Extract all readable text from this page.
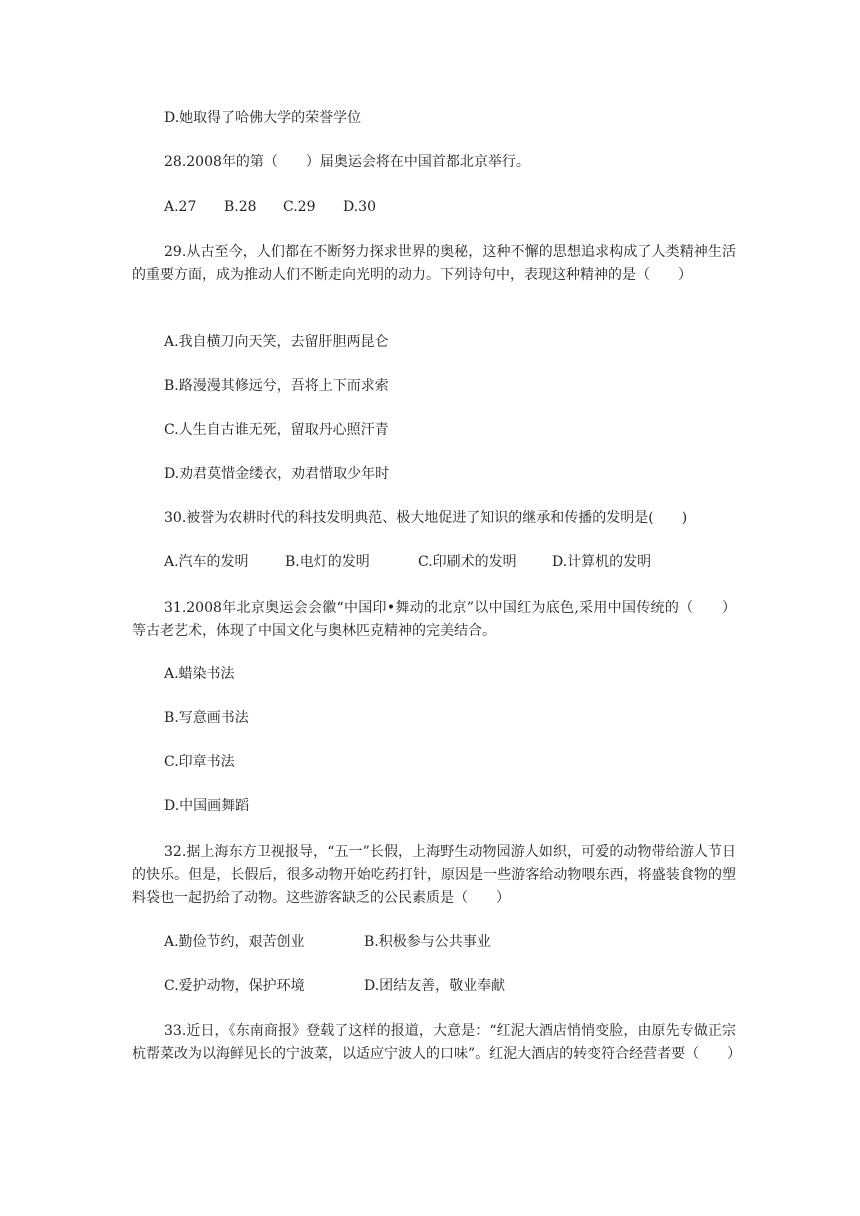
D.她取得了哈佛大学的荣誉学位
28.2008年的第（　　）届奥运会将在中国首都北京举行。
A.27 B.28 C.29 D.30
29.从古至今，人们都在不断努力探求世界的奥秘，这种不懈的思想追求构成了人类精神生活的重要方面，成为推动人们不断走向光明的动力。下列诗句中，表现这种精神的是（　　）
A.我自横刀向天笑，去留肝胆两昆仑
B.路漫漫其修远兮，吾将上下而求索
C.人生自古谁无死，留取丹心照汗青
D.劝君莫惜金缕衣，劝君惜取少年时
30.被誉为农耕时代的科技发明典范、极大地促进了知识的继承和传播的发明是(　　)
A.汽车的发明	B.电灯的发明	C.印刷术的发明	D.计算机的发明
31.2008年北京奥运会会徽“中国印•舞动的北京”以中国红为底色,采用中国传统的（　　）等古老艺术，体现了中国文化与奥林匹克精神的完美结合。
A.蜡染书法
B.写意画书法
C.印章书法
D.中国画舞蹈
32.据上海东方卫视报导，“五一”长假，上海野生动物园游人如织，可爱的动物带给游人节日的快乐。但是，长假后，很多动物开始吃药打针，原因是一些游客给动物喂东西，将盛装食物的塑料袋也一起扔给了动物。这些游客缺乏的公民素质是（　　）
A.勤俭节约，艰苦创业	B.积极参与公共事业
C.爱护动物，保护环境	D.团结友善，敬业奉献
33.近日，《东南商报》登载了这样的报道，大意是：“红泥大酒店悄悄变脸，由原先专做正宗杭帮菜改为以海鲜见长的宁波菜，以适应宁波人的口味”。红泥大酒店的转变符合经营者要（　　）
